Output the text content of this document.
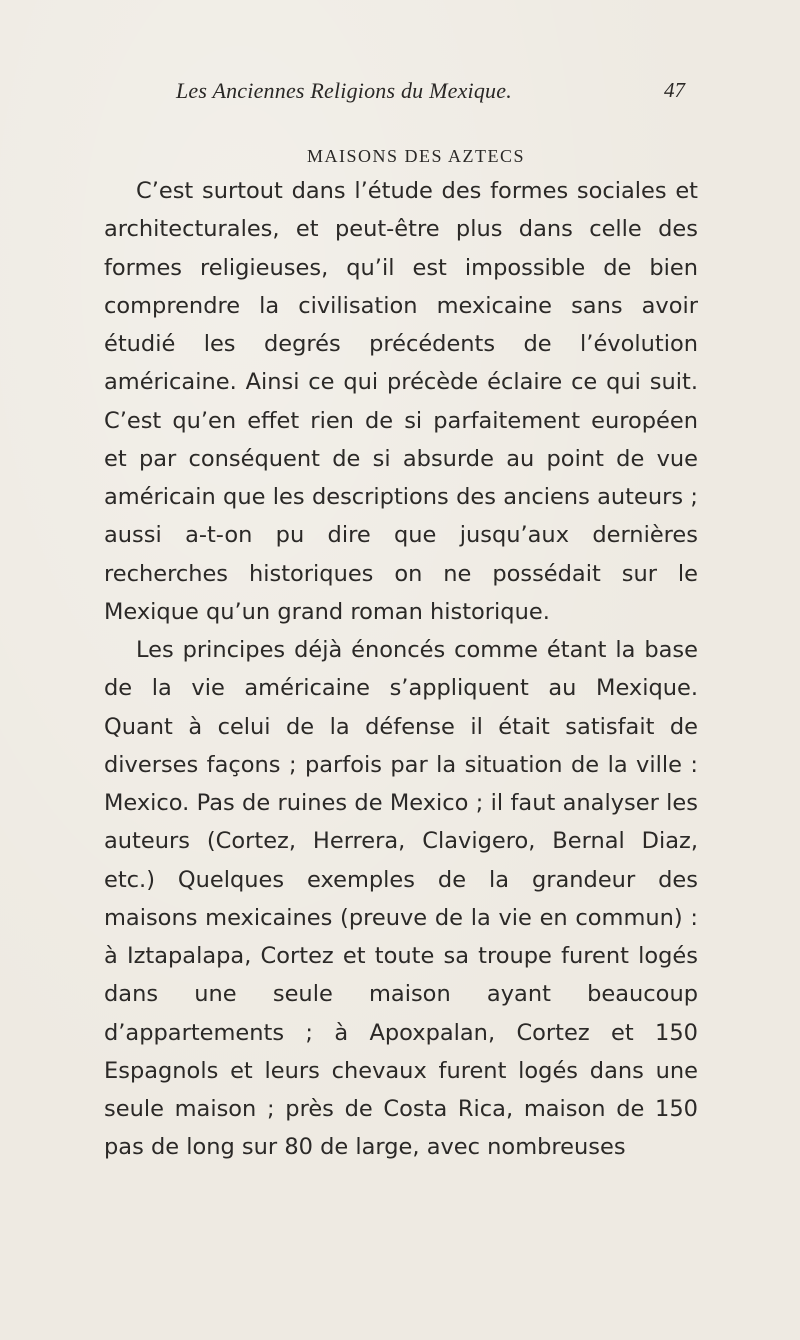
Les Anciennes Religions du Mexique.	47
MAISONS DES AZTECS

C’est surtout dans l’étude des formes sociales et architecturales, et peut-être plus dans celle des formes religieuses, qu’il est impossible de bien comprendre la civilisation mexicaine sans avoir étudié les degrés précédents de l’évolution américaine. Ainsi ce qui précède éclaire ce qui suit. C’est qu’en effet rien de si parfaitement européen et par conséquent de si absurde au point de vue américain que les descriptions des anciens auteurs ; aussi a-t-on pu dire que jusqu’aux dernières recherches historiques on ne possédait sur le Mexique qu’un grand roman historique.

Les principes déjà énoncés comme étant la base de la vie américaine s’appliquent au Mexique. Quant à celui de la défense il était satisfait de diverses façons ; parfois par la situation de la ville : Mexico. Pas de ruines de Mexico ; il faut analyser les auteurs (Cortez, Herrera, Clavigero, Bernal Diaz, etc.) Quelques exemples de la grandeur des maisons mexicaines (preuve de la vie en commun) : à Iztapalapa, Cortez et toute sa troupe furent logés dans une seule maison ayant beaucoup d’appartements ; à Apoxpalan, Cortez et 150 Espagnols et leurs chevaux furent logés dans une seule maison ; près de Costa Rica, maison de 150 pas de long sur 80 de large, avec nombreuses
